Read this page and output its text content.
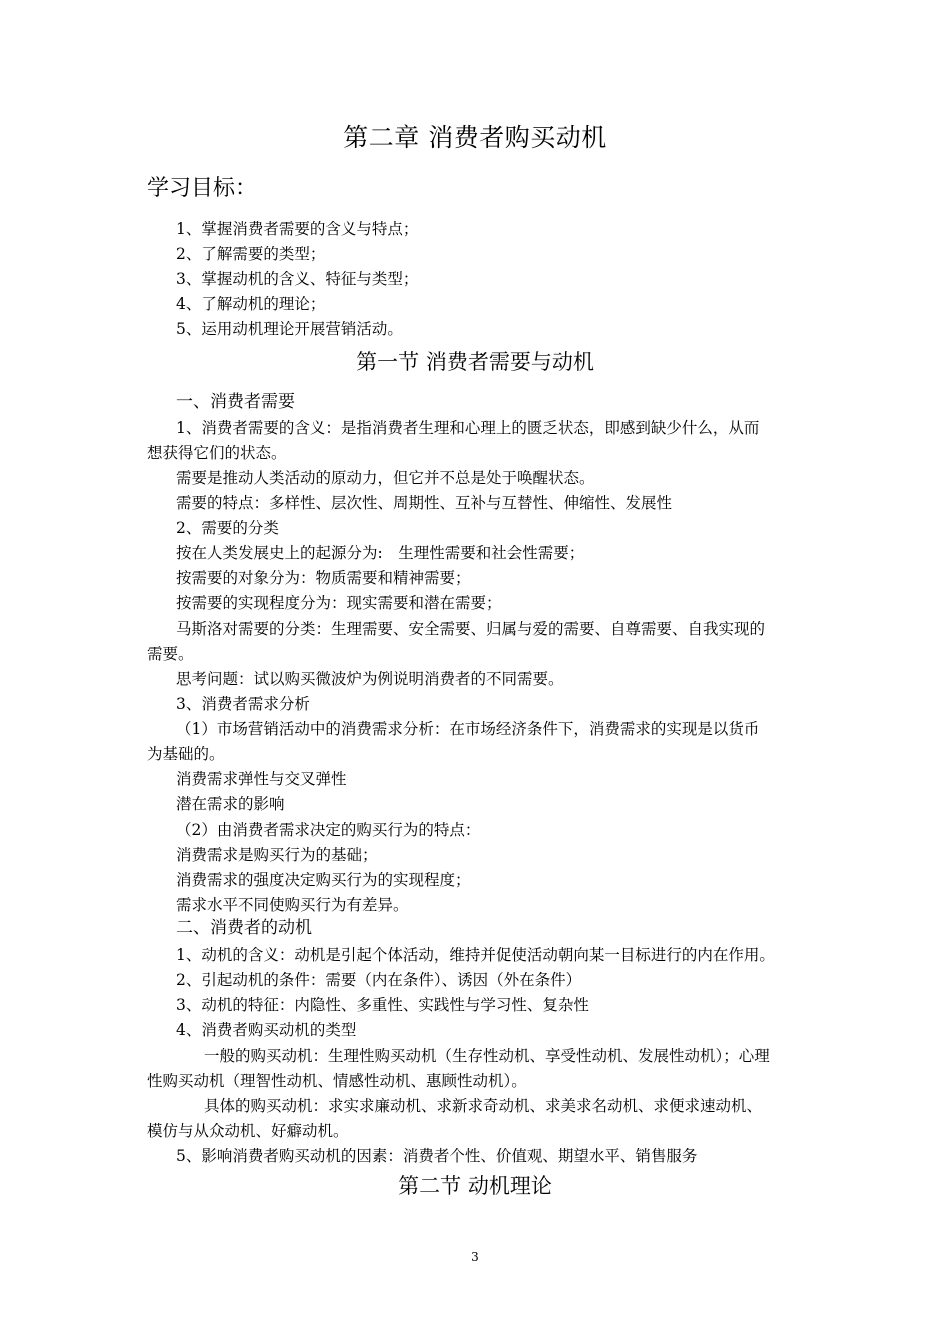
第二章 消费者购买动机
学习目标：
1、掌握消费者需要的含义与特点；
2、了解需要的类型；
3、掌握动机的含义、特征与类型；
4、了解动机的理论；
5、运用动机理论开展营销活动。
第一节 消费者需要与动机
一、消费者需要
1、消费者需要的含义：是指消费者生理和心理上的匮乏状态，即感到缺少什么，从而
想获得它们的状态。
需要是推动人类活动的原动力，但它并不总是处于唤醒状态。
需要的特点：多样性、层次性、周期性、互补与互替性、伸缩性、发展性
2、需要的分类
按在人类发展史上的起源分为:　生理性需要和社会性需要；
按需要的对象分为：物质需要和精神需要；
按需要的实现程度分为：现实需要和潜在需要；
马斯洛对需要的分类：生理需要、安全需要、归属与爱的需要、自尊需要、自我实现的
需要。
思考问题：试以购买微波炉为例说明消费者的不同需要。
3、消费者需求分析
（1）市场营销活动中的消费需求分析：在市场经济条件下，消费需求的实现是以货币
为基础的。
消费需求弹性与交叉弹性
潜在需求的影响
（2）由消费者需求决定的购买行为的特点：
消费需求是购买行为的基础；
消费需求的强度决定购买行为的实现程度；
需求水平不同使购买行为有差异。
二、消费者的动机
1、动机的含义：动机是引起个体活动，维持并促使活动朝向某一目标进行的内在作用。
2、引起动机的条件：需要（内在条件）、诱因（外在条件）
3、动机的特征：内隐性、多重性、实践性与学习性、复杂性
4、消费者购买动机的类型
一般的购买动机：生理性购买动机（生存性动机、享受性动机、发展性动机）；心理
性购买动机（理智性动机、情感性动机、惠顾性动机）。
具体的购买动机：求实求廉动机、求新求奇动机、求美求名动机、求便求速动机、
模仿与从众动机、好癖动机。
5、影响消费者购买动机的因素：消费者个性、价值观、期望水平、销售服务
第二节 动机理论
3
